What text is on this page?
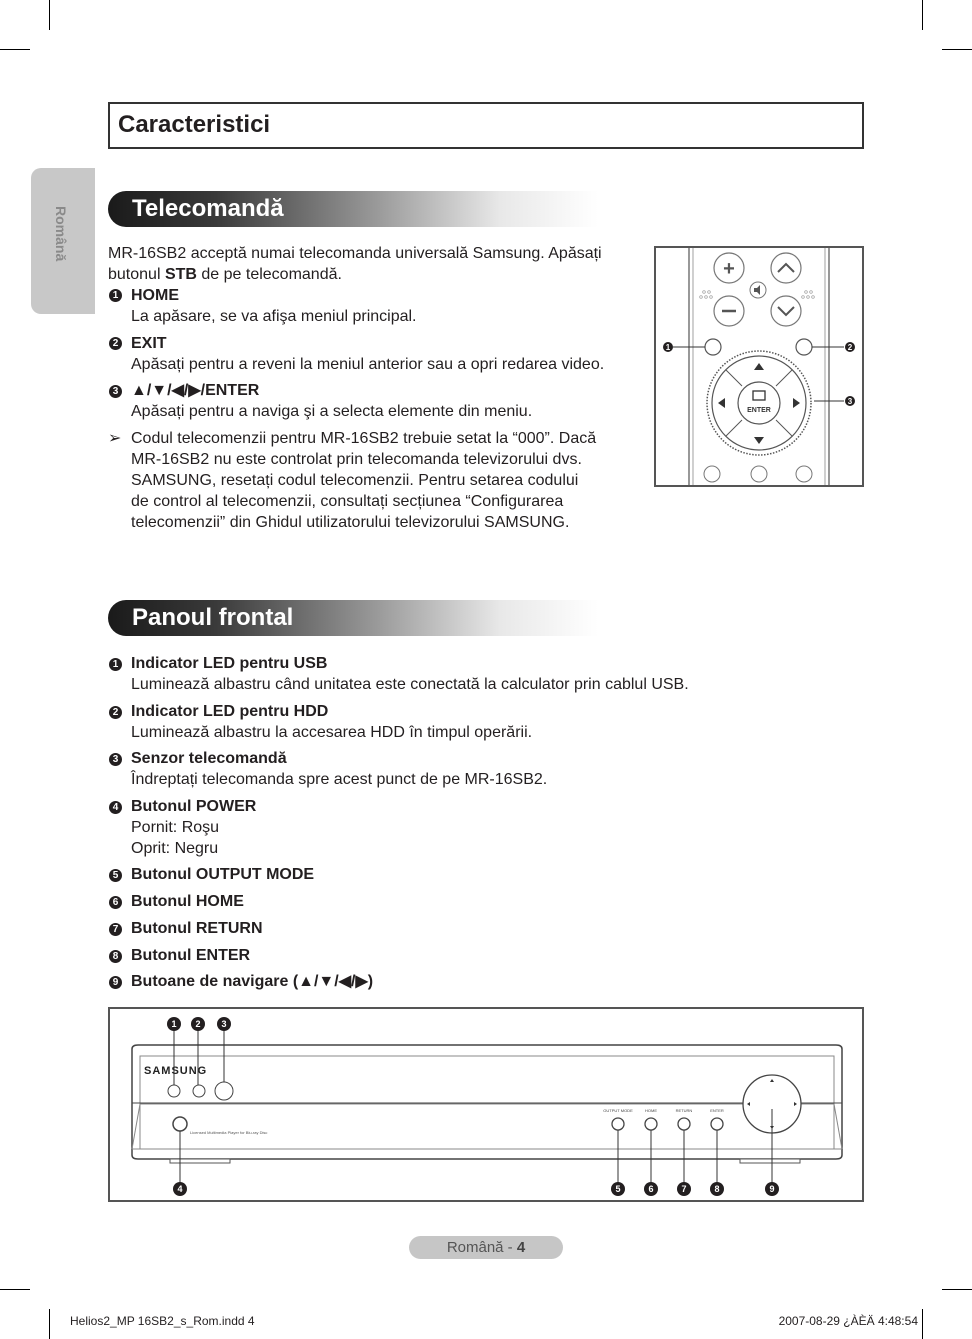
Caracteristici
Română	Telecomandă
MR-16SB2 acceptă numai telecomanda universală Samsung. Apăsați
butonul STB de pe telecomandă.
1 HOME
La apăsare, se va afişa meniul principal.
2 EXIT
Apăsați pentru a reveni la meniul anterior sau a opri redarea video.
3 ▲/▼/◀/▶/ENTER
Apăsați pentru a naviga şi a selecta elemente din meniu.
➢ Codul telecomenzii pentru MR-16SB2 trebuie setat la “000”. Dacă
MR-16SB2 nu este controlat prin telecomanda televizorului dvs.
SAMSUNG, resetați codul telecomenzii. Pentru setarea codului
de control al telecomenzii, consultați secțiunea “Configurarea
telecomenzii” din Ghidul utilizatorului televizorului SAMSUNG.
+
ENTER
1	2
3
Panoul frontal
1 Indicator LED pentru USB
Luminează albastru când unitatea este conectată la calculator prin cablul USB.
2 Indicator LED pentru HDD
Luminează albastru la accesarea HDD în timpul operării.
3 Senzor telecomandă
Îndreptați telecomanda spre acest punct de pe MR-16SB2.
4 Butonul POWER
Pornit: Roşu
Oprit: Negru
5 Butonul OUTPUT MODE
6 Butonul HOME
7 Butonul RETURN
8 Butonul ENTER
9 Butoane de navigare (▲/▼/◀/▶)
SAMSUNG
Licensed Multimedia Player for Blu-ray Disc
OUTPUT MODE	HOME	RETURN	ENTER
1 2 3
4	5	6	7	8	9
Română - 4
Helios2_MP 16SB2_s_Rom.indd 4	2007-08-29 ¿ÀÈÄ 4:48:54
